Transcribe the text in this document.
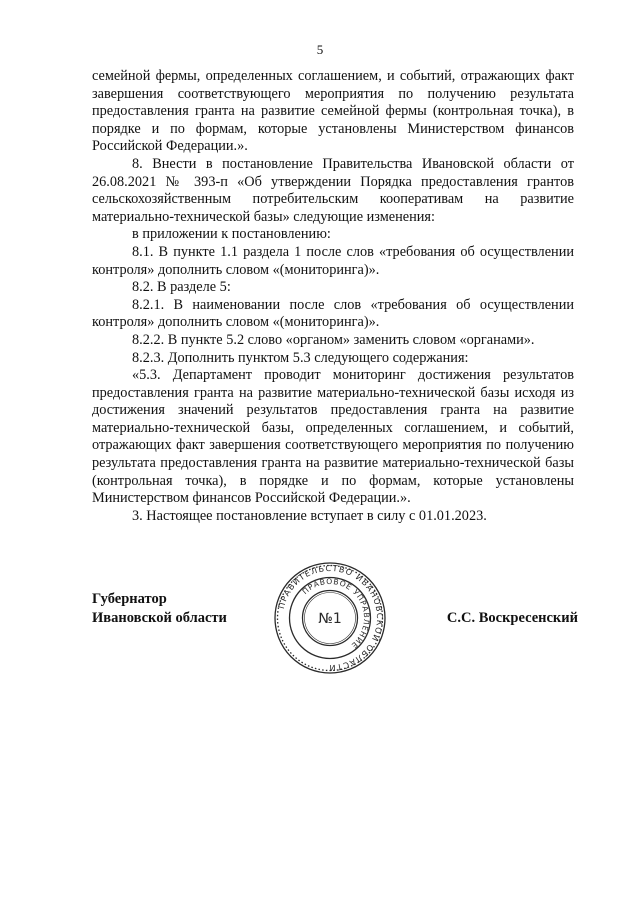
5

семейной фермы, определенных соглашением, и событий, отражающих факт завершения соответствующего мероприятия по получению результата предоставления гранта на развитие семейной фермы (контрольная точка), в порядке и по формам, которые установлены Министерством финансов Российской Федерации.».

8. Внести в постановление Правительства Ивановской области от 26.08.2021 № 393-п «Об утверждении Порядка предоставления грантов сельскохозяйственным потребительским кооперативам на развитие материально-технической базы» следующие изменения:

в приложении к постановлению:

8.1. В пункте 1.1 раздела 1 после слов «требования об осуществлении контроля» дополнить словом «(мониторинга)».

8.2. В разделе 5:

8.2.1. В наименовании после слов «требования об осуществлении контроля» дополнить словом «(мониторинга)».

8.2.2. В пункте 5.2 слово «органом» заменить словом «органами».

8.2.3. Дополнить пунктом 5.3 следующего содержания:

«5.3. Департамент проводит мониторинг достижения результатов предоставления гранта на развитие материально-технической базы исходя из достижения значений результатов предоставления гранта на развитие материально-технической базы, определенных соглашением, и событий, отражающих факт завершения соответствующего мероприятия по получению результата предоставления гранта на развитие материально-технической базы (контрольная точка), в порядке и по формам, которые установлены Министерством финансов Российской Федерации.».

3. Настоящее постановление вступает в силу с 01.01.2023.

Губернатор
Ивановской области
ПРАВИТЕЛЬСТВО ИВАНОВСКОЙ ОБЛАСТИ
ПРАВОВОЕ УПРАВЛЕНИЕ
№1	С.С. Воскресенский
